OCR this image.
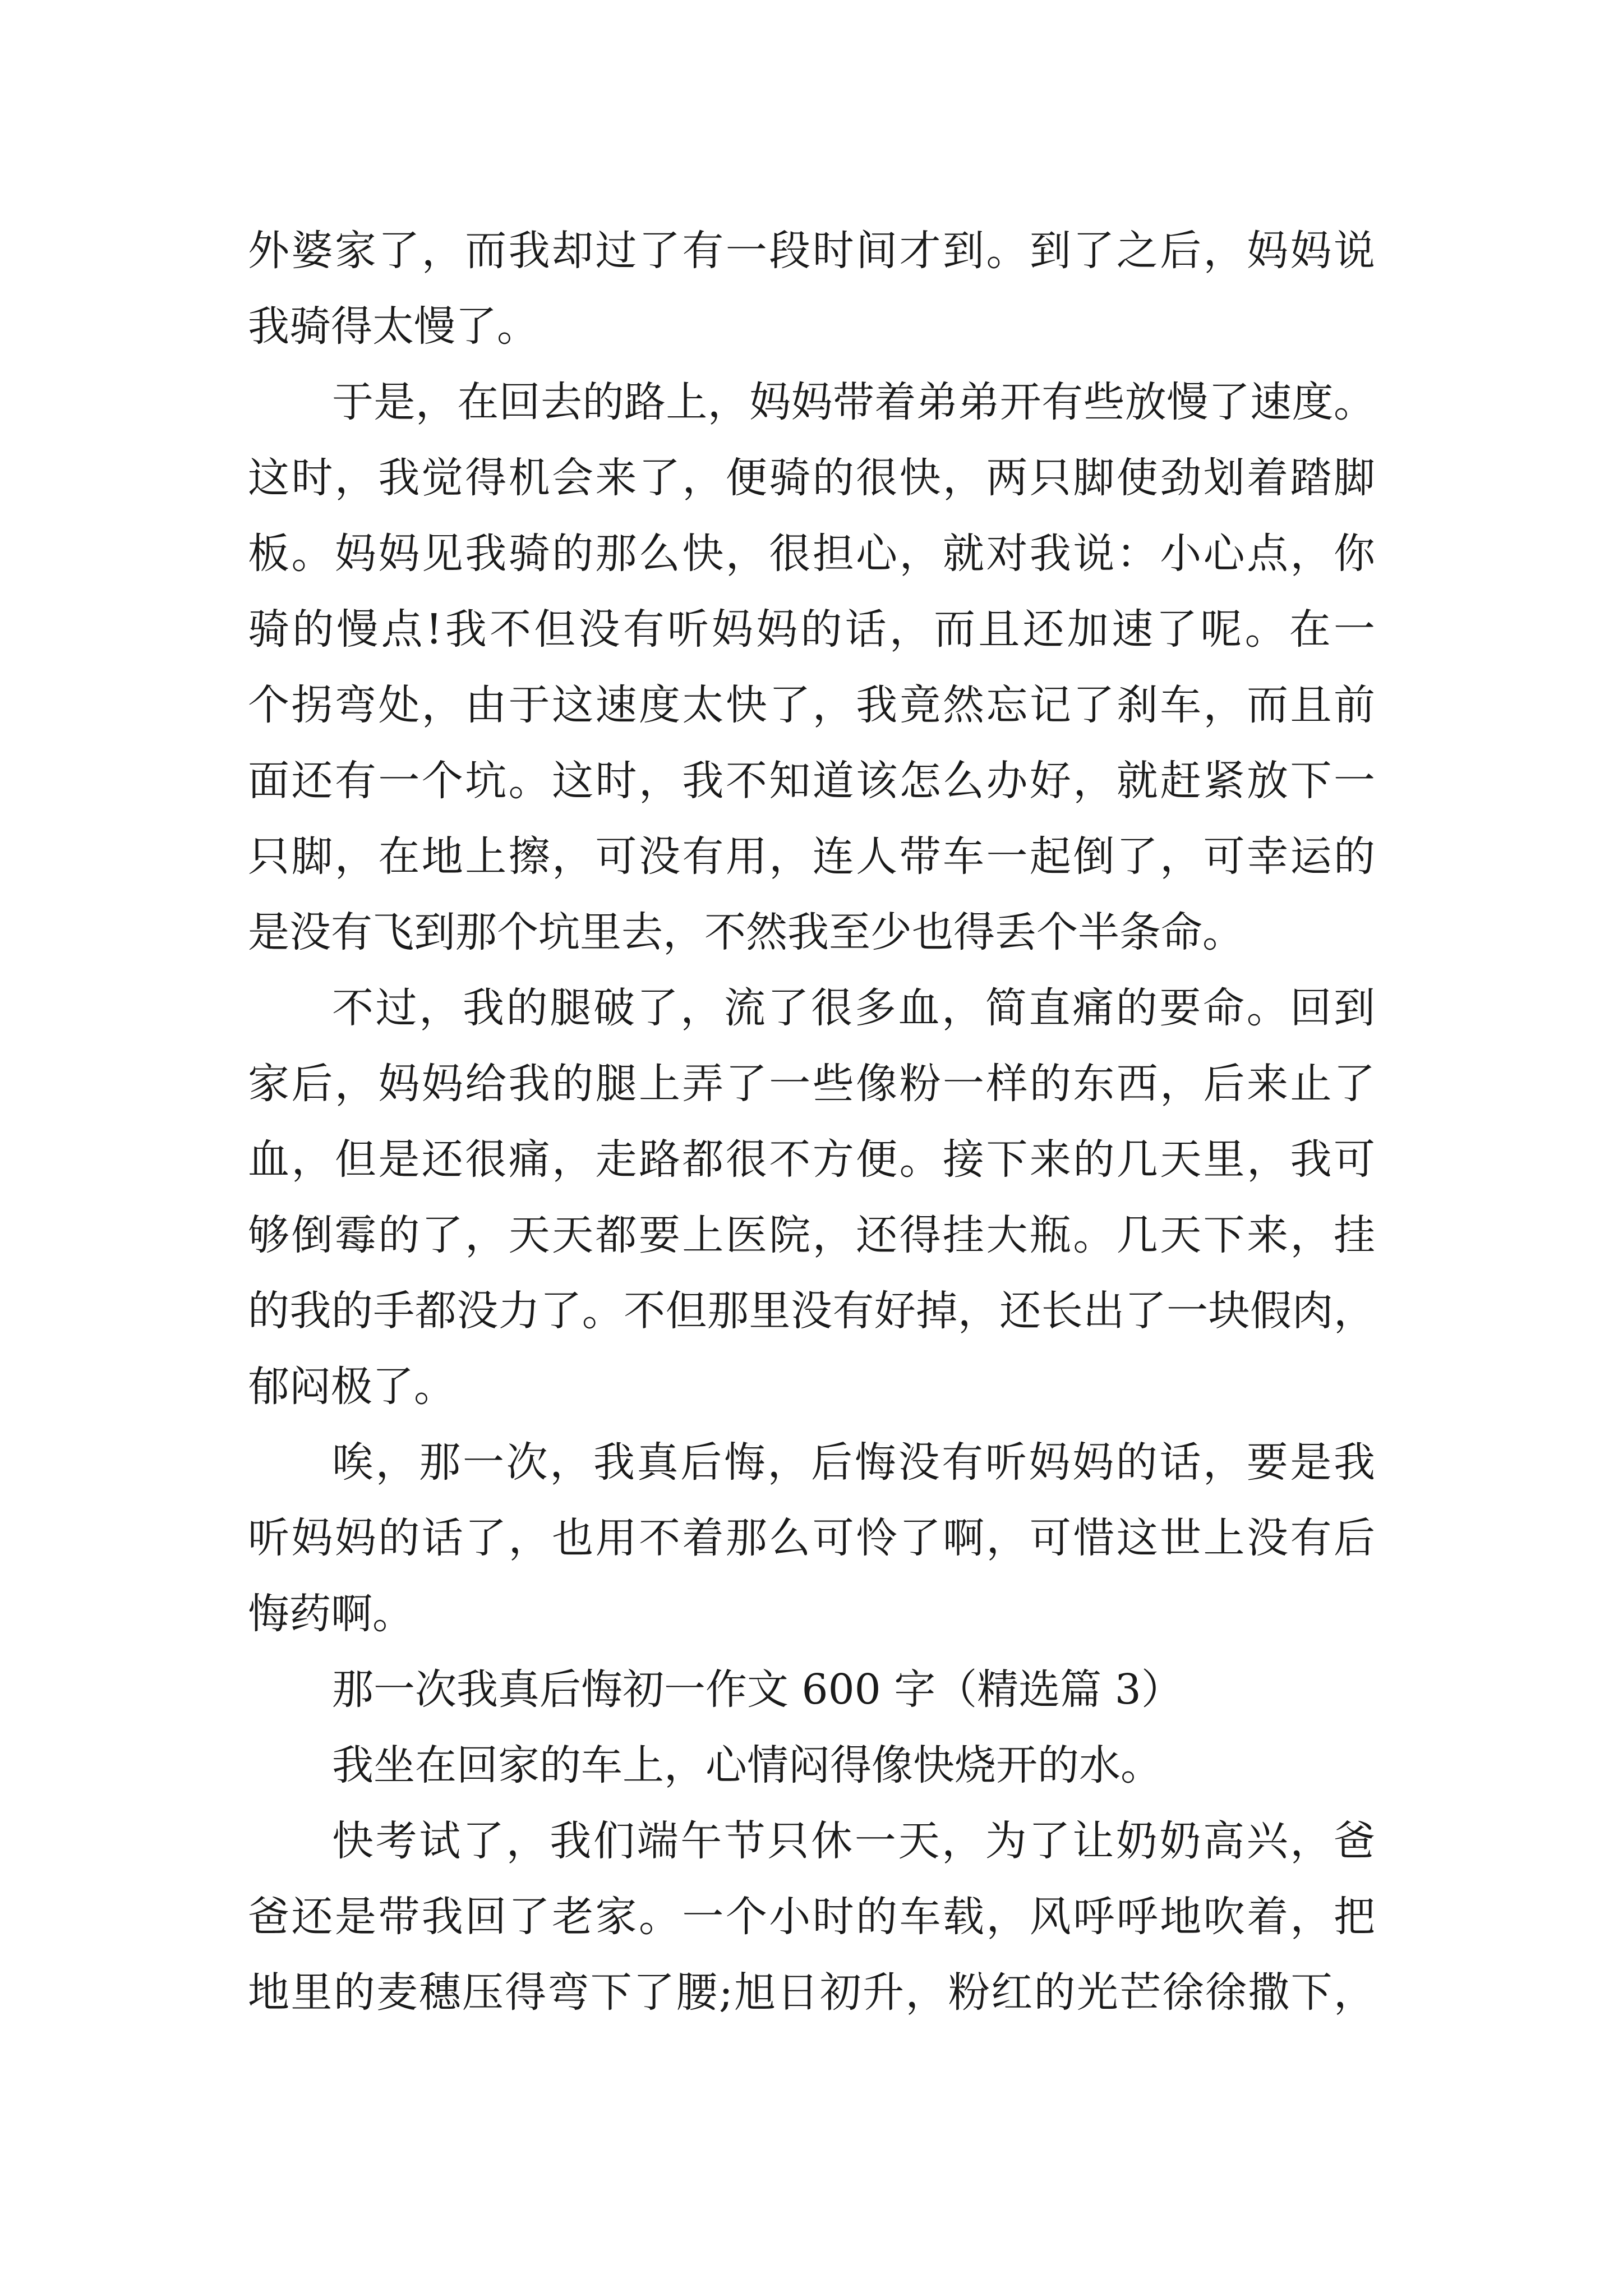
外婆家了，而我却过了有一段时间才到。到了之后，妈妈说
我骑得太慢了。
于是，在回去的路上，妈妈带着弟弟开有些放慢了速度。
这时，我觉得机会来了，便骑的很快，两只脚使劲划着踏脚
板。妈妈见我骑的那么快，很担心，就对我说：小心点，你
骑的慢点!我不但没有听妈妈的话，而且还加速了呢。在一
个拐弯处，由于这速度太快了，我竟然忘记了刹车，而且前
面还有一个坑。这时，我不知道该怎么办好，就赶紧放下一
只脚，在地上擦，可没有用，连人带车一起倒了，可幸运的
是没有飞到那个坑里去，不然我至少也得丢个半条命。
不过，我的腿破了，流了很多血，简直痛的要命。回到
家后，妈妈给我的腿上弄了一些像粉一样的东西，后来止了
血，但是还很痛，走路都很不方便。接下来的几天里，我可
够倒霉的了，天天都要上医院，还得挂大瓶。几天下来，挂
的我的手都没力了。不但那里没有好掉，还长出了一块假肉，
郁闷极了。
唉，那一次，我真后悔，后悔没有听妈妈的话，要是我
听妈妈的话了，也用不着那么可怜了啊，可惜这世上没有后
悔药啊。
那一次我真后悔初一作文 600 字（精选篇 3）
我坐在回家的车上，心情闷得像快烧开的水。
快考试了，我们端午节只休一天，为了让奶奶高兴，爸
爸还是带我回了老家。一个小时的车载，风呼呼地吹着，把
地里的麦穗压得弯下了腰;旭日初升，粉红的光芒徐徐撒下，
